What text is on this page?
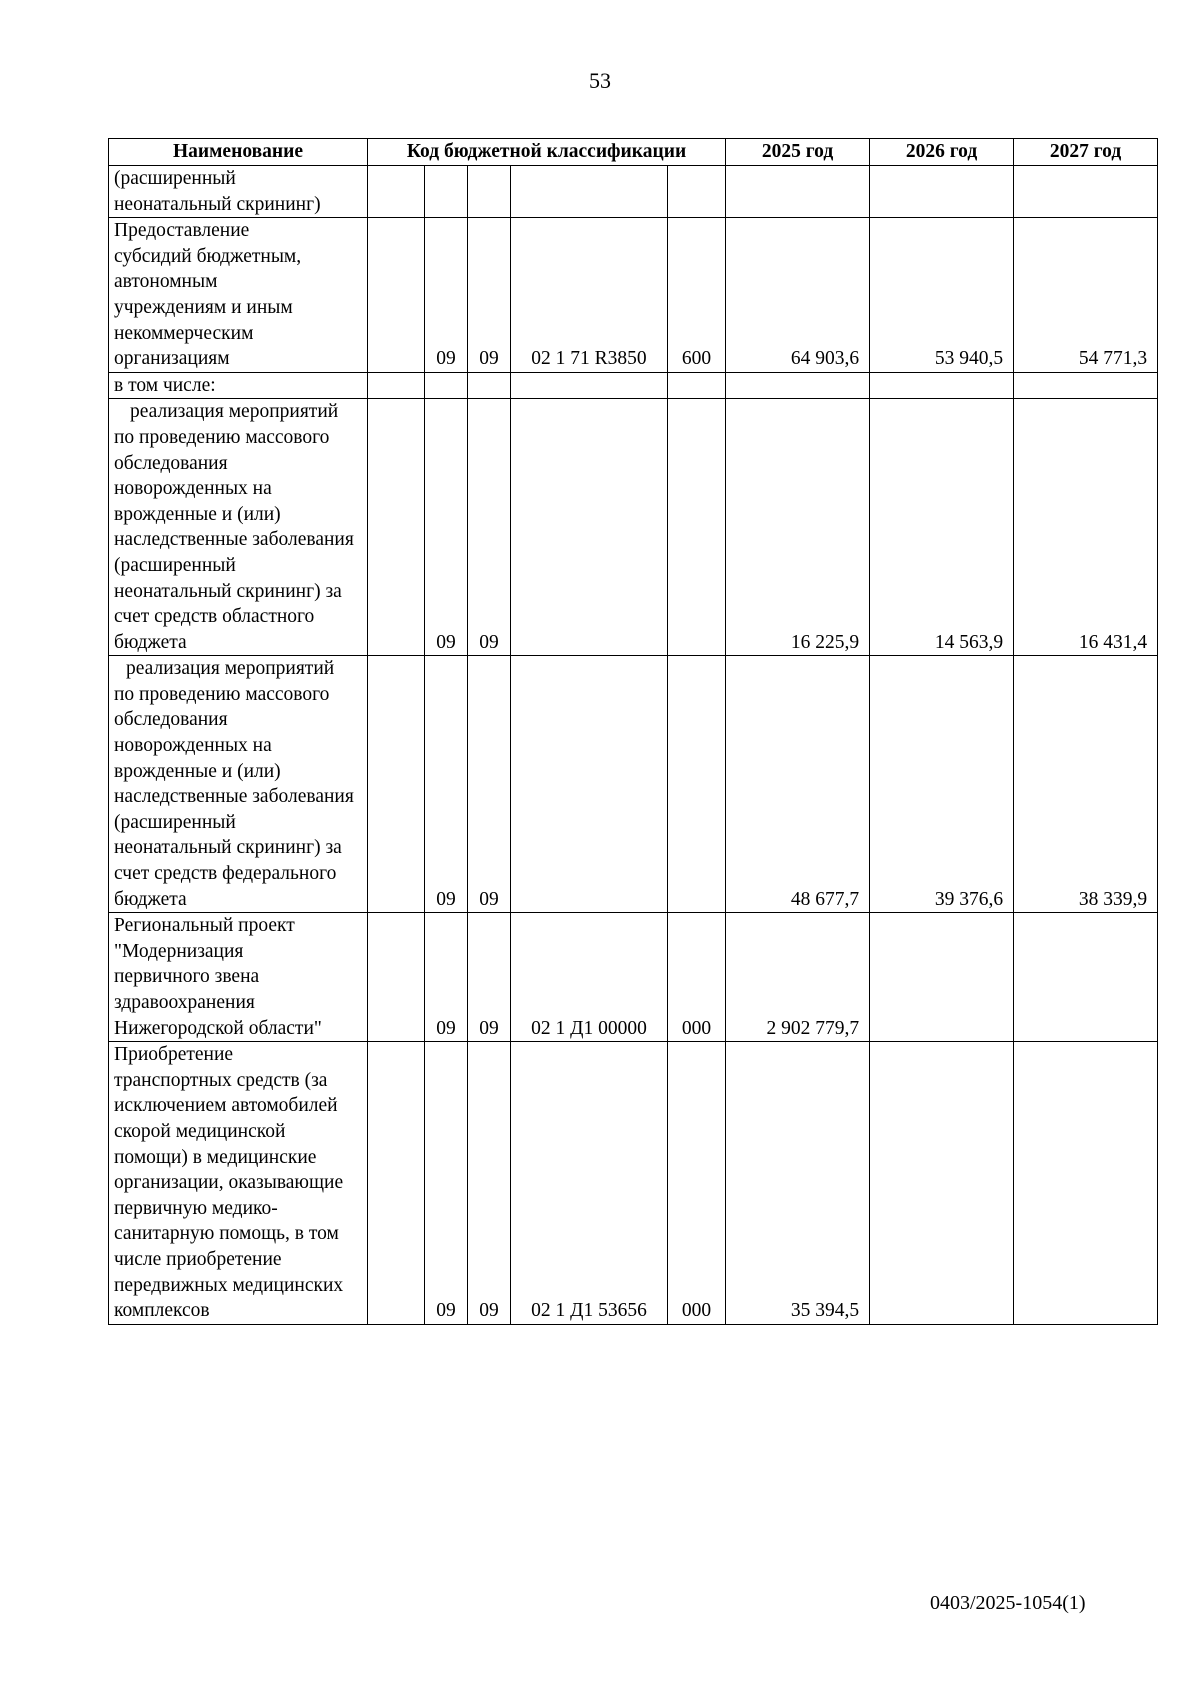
53
Наименование	Код бюджетной классификации					2025 год	2026 год	2027 год

(расширенный неонатальный скрининг)								

Предоставление субсидий бюджетным, автономным учреждениям и иным некоммерческим организациям		09	09	02 1 71 R3850	600	64 903,6	53 940,5	54 771,3
в том числе:								

реализация мероприятий по проведению массового обследования новорожденных на врожденные и (или) наследственные заболевания (расширенный неонатальный скрининг) за счет средств областного бюджета		09	09			16 225,9	14 563,9	16 431,4

реализация мероприятий по проведению массового обследования новорожденных на врожденные и (или) наследственные заболевания (расширенный неонатальный скрининг) за счет средств федерального бюджета		09	09			48 677,7	39 376,6	38 339,9

Региональный проект "Модернизация первичного звена здравоохранения Нижегородской области"		09	09	02 1 Д1 00000	000	2 902 779,7		

Приобретение транспортных средств (за исключением автомобилей скорой медицинской помощи) в медицинские организации, оказывающие первичную медико-санитарную помощь, в том числе приобретение передвижных медицинских комплексов		09	09	02 1 Д1 53656	000	35 394,5		
0403/2025-1054(1)
